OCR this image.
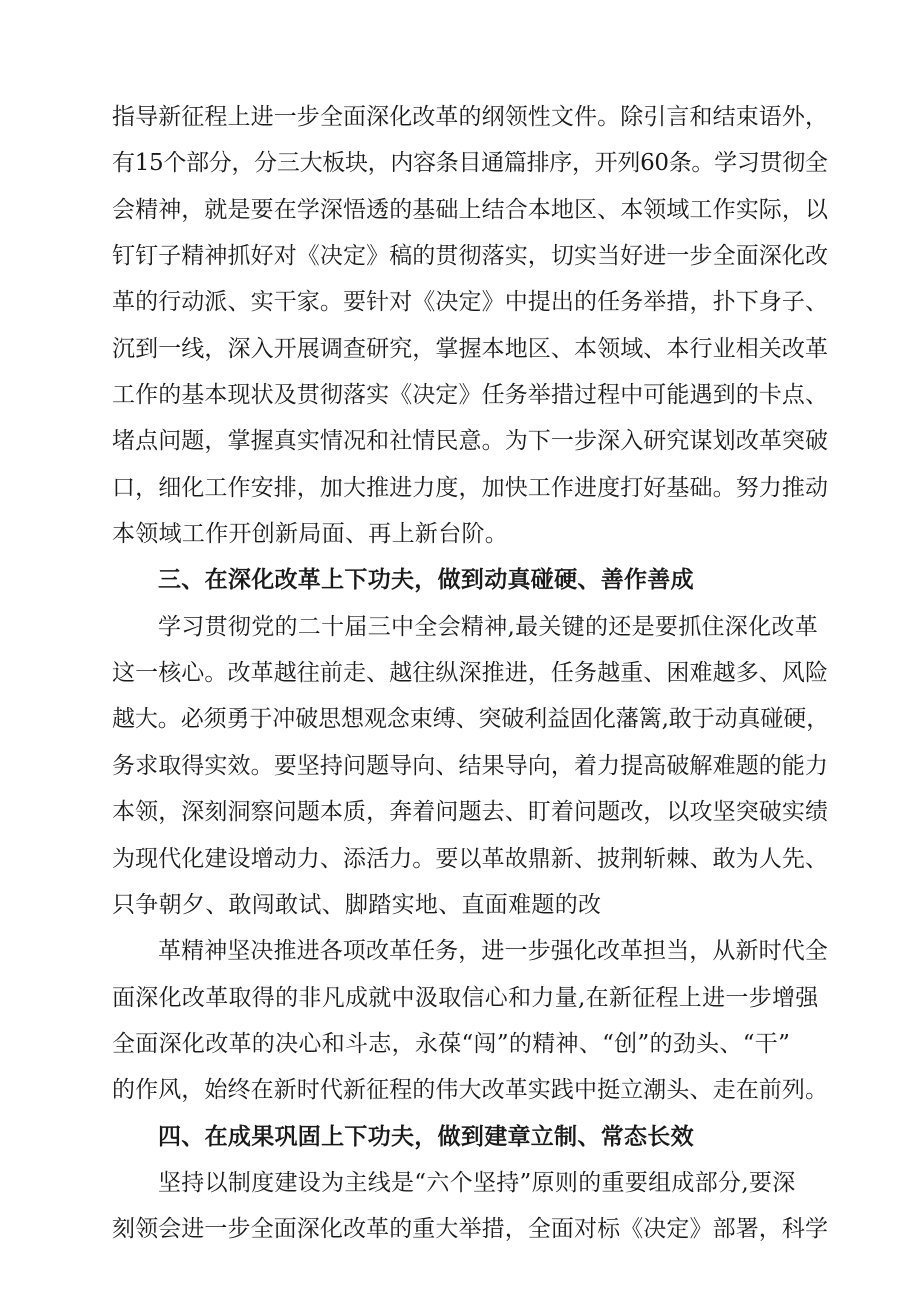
指导新征程上进一步全面深化改革的纲领性文件。除引言和结束语外，
有15个部分，分三大板块，内容条目通篇排序，开列60条。学习贯彻全
会精神，就是要在学深悟透的基础上结合本地区、本领域工作实际，以
钉钉子精神抓好对《决定》稿的贯彻落实，切实当好进一步全面深化改
革的行动派、实干家。要针对《决定》中提出的任务举措，扑下身子、
沉到一线，深入开展调查研究，掌握本地区、本领域、本行业相关改革
工作的基本现状及贯彻落实《决定》任务举措过程中可能遇到的卡点、
堵点问题，掌握真实情况和社情民意。为下一步深入研究谋划改革突破
口，细化工作安排，加大推进力度，加快工作进度打好基础。努力推动
本领域工作开创新局面、再上新台阶。
三、在深化改革上下功夫，做到动真碰硬、善作善成
学习贯彻党的二十届三中全会精神,最关键的还是要抓住深化改革
这一核心。改革越往前走、越往纵深推进，任务越重、困难越多、风险
越大。必须勇于冲破思想观念束缚、突破利益固化藩篱,敢于动真碰硬，
务求取得实效。要坚持问题导向、结果导向，着力提高破解难题的能力
本领，深刻洞察问题本质，奔着问题去、盯着问题改，以攻坚突破实绩
为现代化建设增动力、添活力。要以革故鼎新、披荆斩棘、敢为人先、
只争朝夕、敢闯敢试、脚踏实地、直面难题的改
革精神坚决推进各项改革任务，进一步强化改革担当，从新时代全
面深化改革取得的非凡成就中汲取信心和力量,在新征程上进一步增强
全面深化改革的决心和斗志，永葆“闯”的精神、“创”的劲头、“干”
的作风，始终在新时代新征程的伟大改革实践中挺立潮头、走在前列。
四、在成果巩固上下功夫，做到建章立制、常态长效
坚持以制度建设为主线是“六个坚持”原则的重要组成部分,要深
刻领会进一步全面深化改革的重大举措，全面对标《决定》部署，科学
